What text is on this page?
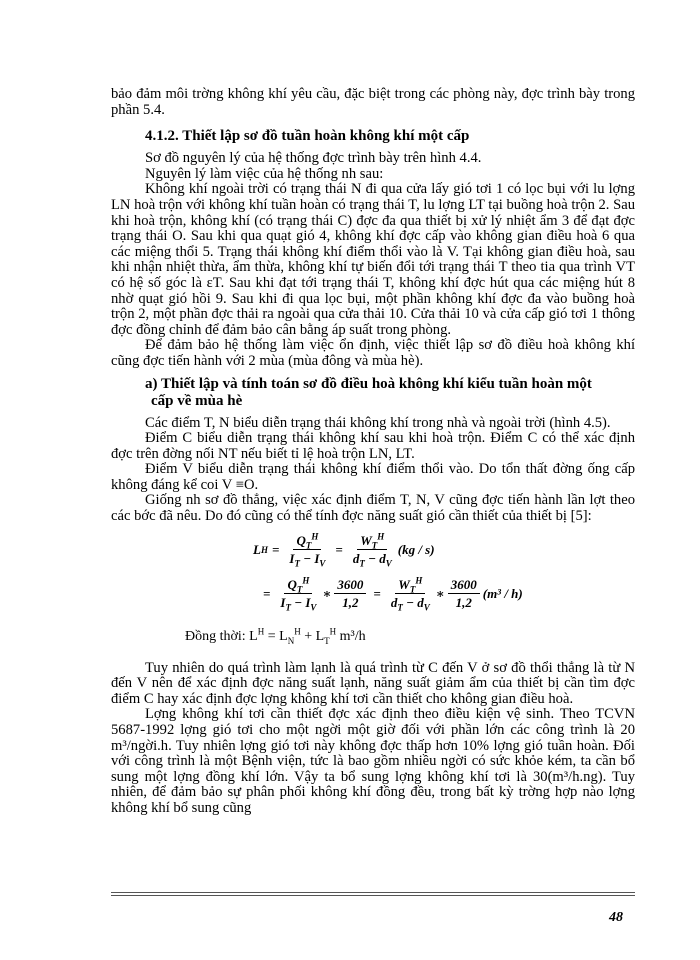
bảo đảm môi trờng không khí yêu cầu, đặc biệt trong các phòng này, đợc trình bày trong phần 5.4.

4.1.2. Thiết lập sơ đồ tuần hoàn không khí một cấp

Sơ đồ nguyên lý của hệ thống đợc trình bày trên hình 4.4.

Nguyên lý làm việc của hệ thống nh sau:

Không khí ngoài trời có trạng thái N đi qua cửa lấy gió tơi 1 có lọc bụi với lu lợng LN hoà trộn với không khí tuần hoàn có trạng thái T, lu lợng LT tại buồng hoà trộn 2. Sau khi hoà trộn, không khí (có trạng thái C) đợc đa qua thiết bị xử lý nhiệt ẩm 3 để đạt đợc trạng thái O. Sau khi qua quạt gió 4, không khí đợc cấp vào không gian điều hoà 6 qua các miệng thổi 5. Trạng thái không khí điểm thổi vào là V. Tại không gian điều hoà, sau khi nhận nhiệt thừa, ẩm thừa, không khí tự biến đổi tới trạng thái T theo tia qua trình VT có hệ số góc là εT. Sau khi đạt tới trạng thái T, không khí đợc hút qua các miệng hút 8 nhờ quạt gió hồi 9. Sau khi đi qua lọc bụi, một phần không khí đợc đa vào buồng hoà trộn 2, một phần đợc thải ra ngoài qua cửa thải 10. Cửa thải 10 và cửa cấp gió tơi 1 thông đợc đồng chỉnh để đảm bảo cân bằng áp suất trong phòng.

Để đảm bảo hệ thống làm việc ổn định, việc thiết lập sơ đồ điều hoà không khí cũng đợc tiến hành với 2 mùa (mùa đông và mùa hè).

a) Thiết lập và tính toán sơ đồ điều hoà không khí kiểu tuần hoàn một
cấp về mùa hè

Các điểm T, N biểu diễn trạng thái không khí trong nhà và ngoài trời (hình 4.5).

Điểm C biểu diễn trạng thái không khí sau khi hoà trộn. Điểm C có thể xác định đợc trên đờng nối NT nếu biết tỉ lệ hoà trộn LN, LT.

Điểm V biểu diễn trạng thái không khí điểm thổi vào. Do tổn thất đờng ống cấp không đáng kể coi V ≡O.

Giống nh sơ đồ thẳng, việc xác định điểm T, N, V cũng đợc tiến hành lần lợt theo các bớc đã nêu. Do đó cũng có thể tính đợc năng suất gió cần thiết của thiết bị [5]:

L $H = \frac{Q_T^H}{I_T - I_V} = \frac{W_T^H}{d_T - d_V} (kg / s)$
= $\frac{Q_T^H}{I_T - I_V}$ ∗ $\frac{3600}{1,2} = \frac{W_T^H}{d_T - d_V}$ ∗ $\frac{3600}{1,2} (m^3 / h)$
Đồng thời: $L^H = L_N^H + L_T^H$ m³/h

Tuy nhiên do quá trình làm lạnh là quá trình từ C đến V ở sơ đồ thổi thẳng là từ N đến V nên để xác định đợc năng suất lạnh, năng suất giảm ẩm của thiết bị cần tìm đợc điểm C hay xác định đợc lợng không khí tơi cần thiết cho không gian điều hoà.

Lợng không khí tơi cần thiết đợc xác định theo điều kiện vệ sinh. Theo TCVN 5687-1992 lợng gió tơi cho một ngời một giờ đối với phần lớn các công trình là 20 m³/ngời.h. Tuy nhiên lợng gió tơi này không đợc thấp hơn 10% lợng gió tuần hoàn. Đối với công trình là một Bệnh viện, tức là bao gồm nhiều ngời có sức khỏe kém, ta cần bổ sung một lợng đồng khí lớn. Vậy ta bổ sung lợng không khí tơi là 30(m³/h.ng). Tuy nhiên, để đảm bảo sự phân phối không khí đồng đều, trong bất kỳ trờng hợp nào lợng không khí bổ sung cũng

48
